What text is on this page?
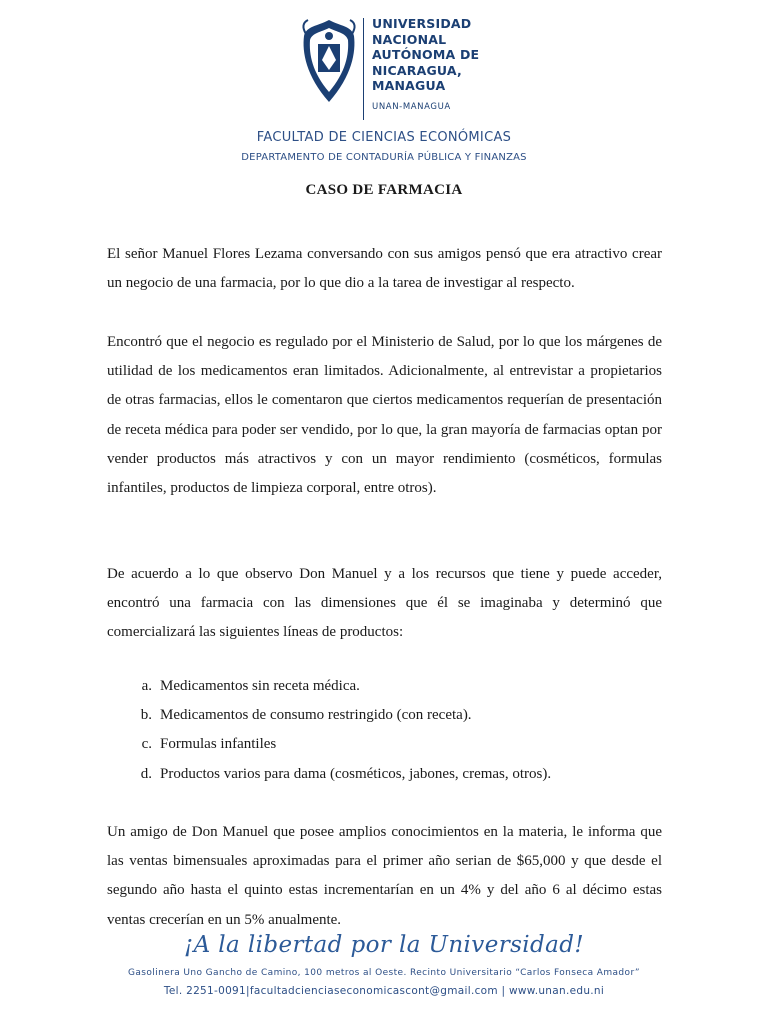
UNIVERSIDAD
NACIONAL
AUTÓNOMA DE
NICARAGUA,
MANAGUA
UNAN-MANAGUA
FACULTAD DE CIENCIAS ECONÓMICAS
DEPARTAMENTO DE CONTADURÍA PÚBLICA Y FINANZAS
CASO DE FARMACIA

El señor Manuel Flores Lezama conversando con sus amigos pensó que era atractivo crear un negocio de una farmacia, por lo que dio a la tarea de investigar al respecto.

Encontró que el negocio es regulado por el Ministerio de Salud, por lo que los márgenes de utilidad de los medicamentos eran limitados. Adicionalmente, al entrevistar a propietarios de otras farmacias, ellos le comentaron que ciertos medicamentos requerían de presentación de receta médica para poder ser vendido, por lo que, la gran mayoría de farmacias optan por vender productos más atractivos y con un mayor rendimiento (cosméticos, formulas infantiles, productos de limpieza corporal, entre otros).

De acuerdo a lo que observo Don Manuel y a los recursos que tiene y puede acceder, encontró una farmacia con las dimensiones que él se imaginaba y determinó que comercializará las siguientes líneas de productos:

a. Medicamentos sin receta médica.
b. Medicamentos de consumo restringido (con receta).
c. Formulas infantiles
d. Productos varios para dama (cosméticos, jabones, cremas, otros).

Un amigo de Don Manuel que posee amplios conocimientos en la materia, le informa que las ventas bimensuales aproximadas para el primer año serian de $65,000 y que desde el segundo año hasta el quinto estas incrementarían en un 4% y del año 6 al décimo estas ventas crecerían en un 5% anualmente.

¡A la libertad por la Universidad!
Gasolinera Uno Gancho de Camino, 100 metros al Oeste. Recinto Universitario “Carlos Fonseca Amador”
Tel. 2251-0091|facultadcienciaseconomicascont@gmail.com | www.unan.edu.ni
